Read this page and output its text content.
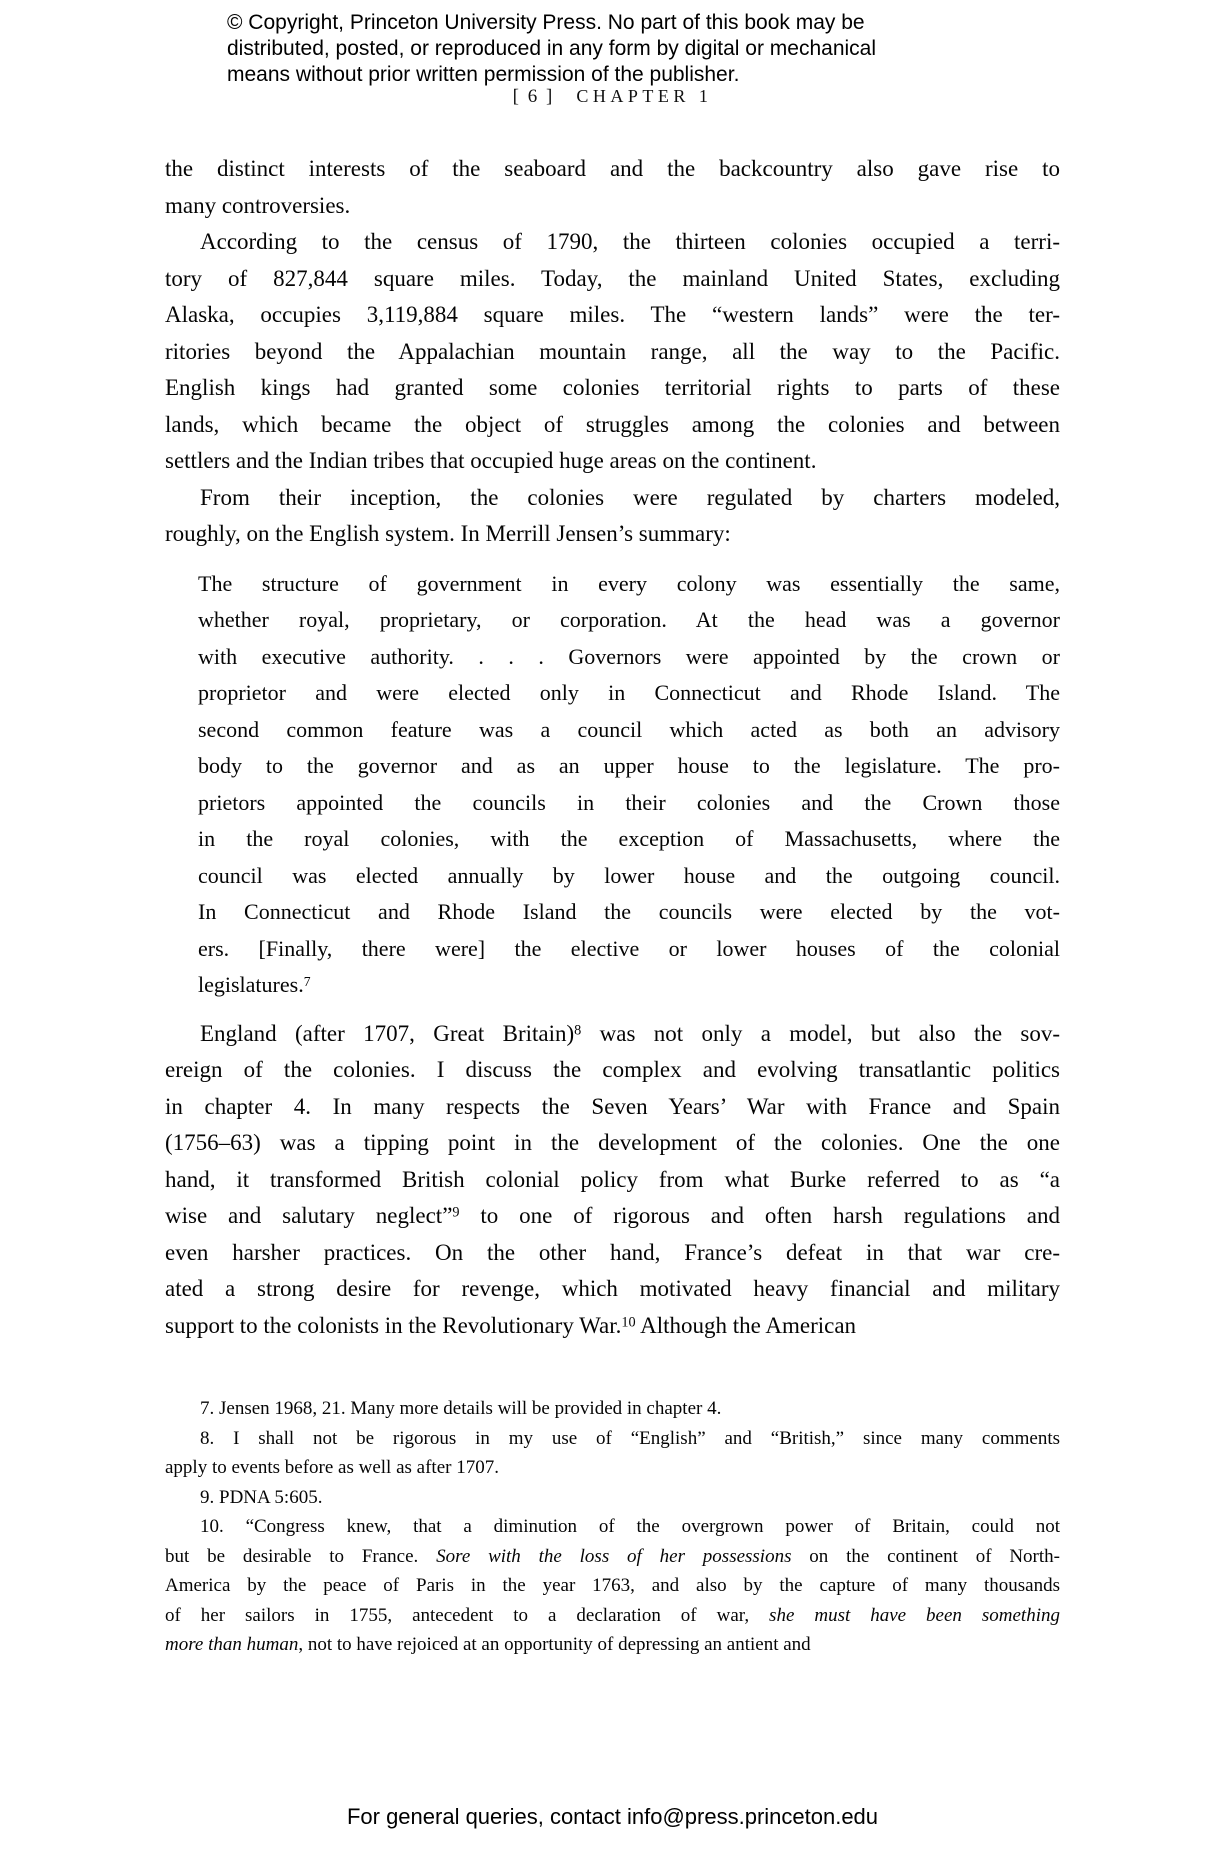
© Copyright, Princeton University Press. No part of this book may be
distributed, posted, or reproduced in any form by digital or mechanical
means without prior written permission of the publisher.
[ 6 ] CHAPTER 1
the distinct interests of the seaboard and the backcountry also gave rise to
many controversies.
According to the census of 1790, the thirteen colonies occupied a terri-
tory of 827,844 square miles. Today, the mainland United States, excluding
Alaska, occupies 3,119,884 square miles. The “western lands” were the ter-
ritories beyond the Appalachian mountain range, all the way to the Pacific.
English kings had granted some colonies territorial rights to parts of these
lands, which became the object of struggles among the colonies and between
settlers and the Indian tribes that occupied huge areas on the continent.
From their inception, the colonies were regulated by charters modeled,
roughly, on the English system. In Merrill Jensen’s summary:
The structure of government in every colony was essentially the same,
whether royal, proprietary, or corporation. At the head was a governor
with executive authority. . . . Governors were appointed by the crown or
proprietor and were elected only in Connecticut and Rhode Island. The
second common feature was a council which acted as both an advisory
body to the governor and as an upper house to the legislature. The pro-
prietors appointed the councils in their colonies and the Crown those
in the royal colonies, with the exception of Massachusetts, where the
council was elected annually by lower house and the outgoing council.
In Connecticut and Rhode Island the councils were elected by the vot-
ers. [Finally, there were] the elective or lower houses of the colonial
legislatures.$^7$
England (after 1707, Great Britain)$^8$ was not only a model, but also the sov-
ereign of the colonies. I discuss the complex and evolving transatlantic politics
in chapter 4. In many respects the Seven Years’ War with France and Spain
(1756–63) was a tipping point in the development of the colonies. One the one
hand, it transformed British colonial policy from what Burke referred to as “a
wise and salutary neglect”$^9$ to one of rigorous and often harsh regulations and
even harsher practices. On the other hand, France’s defeat in that war cre-
ated a strong desire for revenge, which motivated heavy financial and military
support to the colonists in the Revolutionary War.$^{10}$ Although the American
7. Jensen 1968, 21. Many more details will be provided in chapter 4.
8. I shall not be rigorous in my use of “English” and “British,” since many comments
apply to events before as well as after 1707.
9. PDNA 5:605.
10. “Congress knew, that a diminution of the overgrown power of Britain, could not
but be desirable to France. Sore with the loss of her possessions on the continent of North-
America by the peace of Paris in the year 1763, and also by the capture of many thousands
of her sailors in 1755, antecedent to a declaration of war, she must have been something
more than human, not to have rejoiced at an opportunity of depressing an antient and
For general queries, contact info@press.princeton.edu
